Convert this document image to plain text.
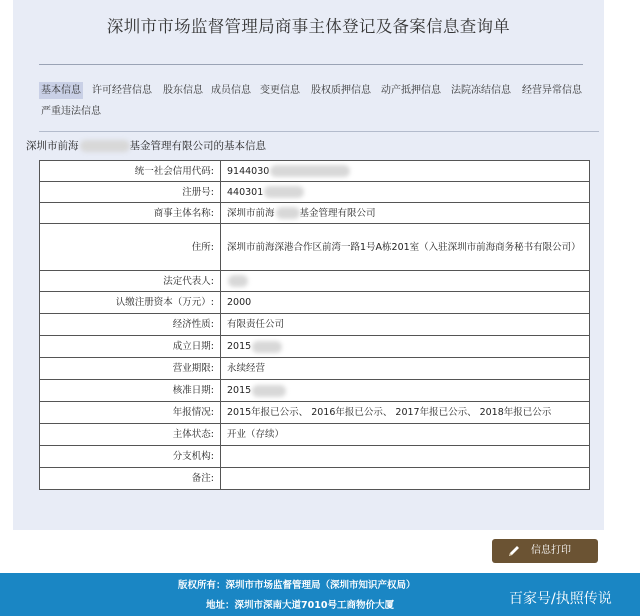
深圳市市场监督管理局商事主体登记及备案信息查询单
基本信息 许可经营信息 股东信息 成员信息 变更信息 股权质押信息 动产抵押信息 法院冻结信息 经营异常信息
严重违法信息
深圳市前海	基金管理有限公司的基本信息
统一社会信用代码:	9144030
注册号:	440301
商事主体名称:	深圳市前海 基金管理有限公司
住所:	深圳市前海深港合作区前湾一路1号A栋201室（入驻深圳市前海商务秘书有限公司）
法定代表人:	
认缴注册资本（万元）:	2000
经济性质:	有限责任公司
成立日期:	2015
营业期限:	永续经营
核准日期:	2015
年报情况:	2015年报已公示、 2016年报已公示、 2017年报已公示、 2018年报已公示
主体状态:	开业（存续）
分支机构:	
备注:	
信息打印
版权所有：深圳市市场监督管理局（深圳市知识产权局）
地址：深圳市深南大道7010号工商物价大厦	百家号/执照传说
